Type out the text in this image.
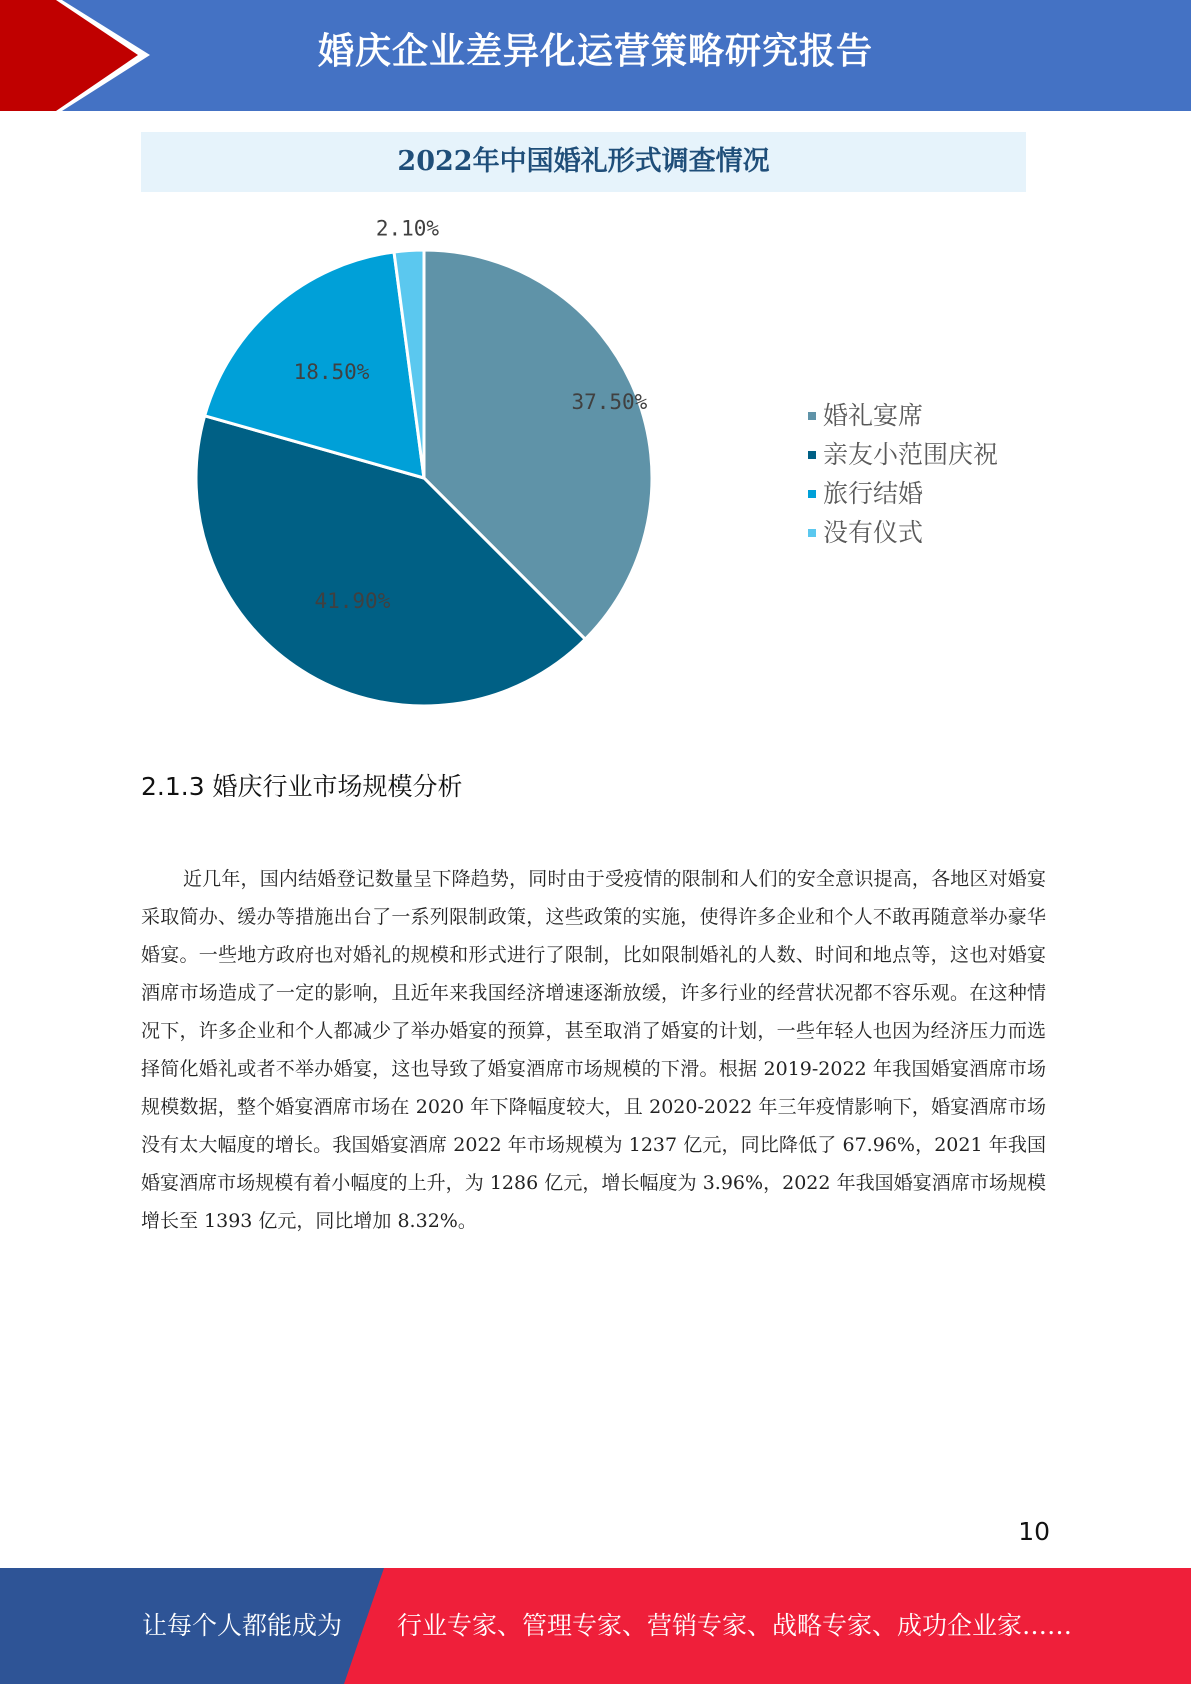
婚庆企业差异化运营策略研究报告
2022年中国婚礼形式调查情况
37.50%
41.90%
18.50%
2.10%
婚礼宴席
亲友小范围庆祝
旅行结婚
没有仪式
2.1.3 婚庆行业市场规模分析
近几年，国内结婚登记数量呈下降趋势，同时由于受疫情的限制和人们的安全意识提高，各地区对婚宴采取简办、缓办等措施出台了一系列限制政策，这些政策的实施，使得许多企业和个人不敢再随意举办豪华婚宴。一些地方政府也对婚礼的规模和形式进行了限制，比如限制婚礼的人数、时间和地点等，这也对婚宴酒席市场造成了一定的影响，且近年来我国经济增速逐渐放缓，许多行业的经营状况都不容乐观。在这种情况下，许多企业和个人都减少了举办婚宴的预算，甚至取消了婚宴的计划，一些年轻人也因为经济压力而选择简化婚礼或者不举办婚宴，这也导致了婚宴酒席市场规模的下滑。根据 2019-2022 年我国婚宴酒席市场规模数据，整个婚宴酒席市场在 2020 年下降幅度较大，且 2020-2022 年三年疫情影响下，婚宴酒席市场没有太大幅度的增长。我国婚宴酒席 2022 年市场规模为 1237 亿元，同比降低了 67.96%，2021 年我国婚宴酒席市场规模有着小幅度的上升，为 1286 亿元，增长幅度为 3.96%，2022 年我国婚宴酒席市场规模增长至 1393 亿元，同比增加 8.32%。
10
让每个人都能成为 行业专家、管理专家、营销专家、战略专家、成功企业家……
